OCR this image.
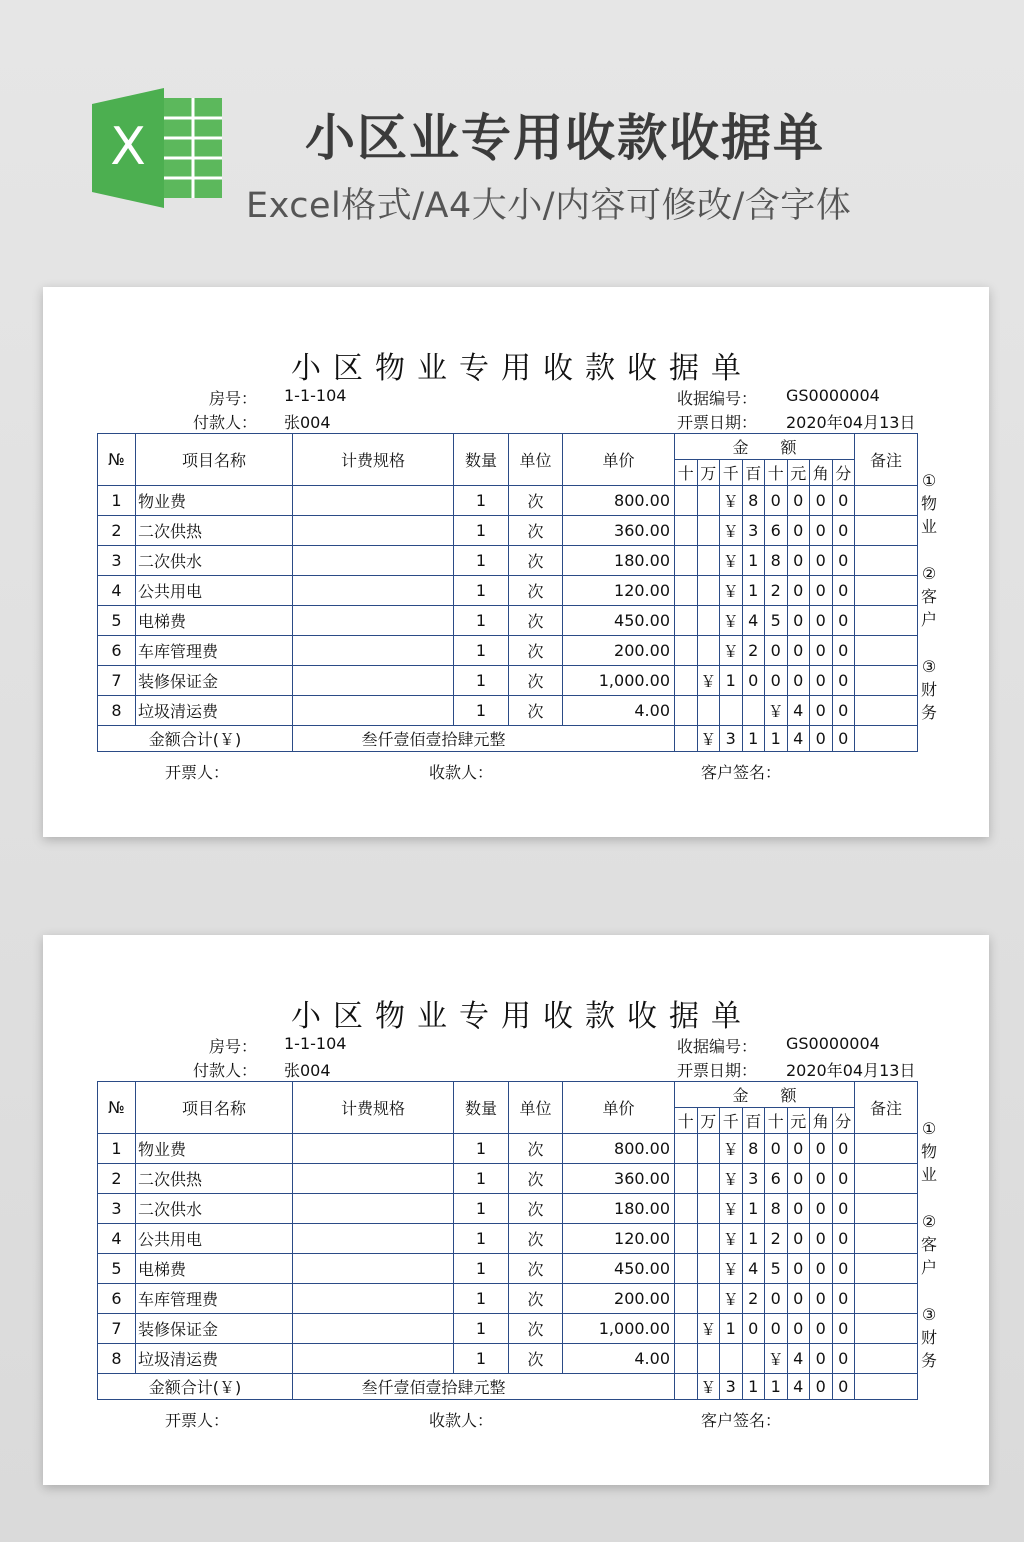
X	小区业专用收款收据单
Excel格式/A4大小/内容可修改/含字体
小区物业专用收款收据单
房号： 1-1-104
付款人： 张004
收据编号： GS0000004
开票日期： 2020年04月13日
№	项目名称	计费规格	数量	单位	单价	金　　额								备注
						十	万	千	百	十	元	角	分	
1	物业费		1	次	800.00			￥	8	0	0	0	0	
2	二次供热		1	次	360.00			￥	3	6	0	0	0	
3	二次供水		1	次	180.00			￥	1	8	0	0	0	
4	公共用电		1	次	120.00			￥	1	2	0	0	0	
5	电梯费		1	次	450.00			￥	4	5	0	0	0	
6	车库管理费		1	次	200.00			￥	2	0	0	0	0	
7	装修保证金		1	次	1,000.00		￥	1	0	0	0	0	0	
8	垃圾清运费		1	次	4.00					￥	4	0	0	
金额合计(￥)		叁仟壹佰壹拾肆元整					￥	3	1	1	4	0	0	
①
物
业
②
客
户
③
财
务
开票人：	收款人：	客户签名：
小区物业专用收款收据单
房号： 1-1-104
付款人： 张004
收据编号： GS0000004
开票日期： 2020年04月13日
№	项目名称	计费规格	数量	单位	单价	金　　额								备注
						十	万	千	百	十	元	角	分	
1	物业费		1	次	800.00			￥	8	0	0	0	0	
2	二次供热		1	次	360.00			￥	3	6	0	0	0	
3	二次供水		1	次	180.00			￥	1	8	0	0	0	
4	公共用电		1	次	120.00			￥	1	2	0	0	0	
5	电梯费		1	次	450.00			￥	4	5	0	0	0	
6	车库管理费		1	次	200.00			￥	2	0	0	0	0	
7	装修保证金		1	次	1,000.00		￥	1	0	0	0	0	0	
8	垃圾清运费		1	次	4.00					￥	4	0	0	
金额合计(￥)		叁仟壹佰壹拾肆元整					￥	3	1	1	4	0	0	
①
物
业
②
客
户
③
财
务
开票人：	收款人：	客户签名：
